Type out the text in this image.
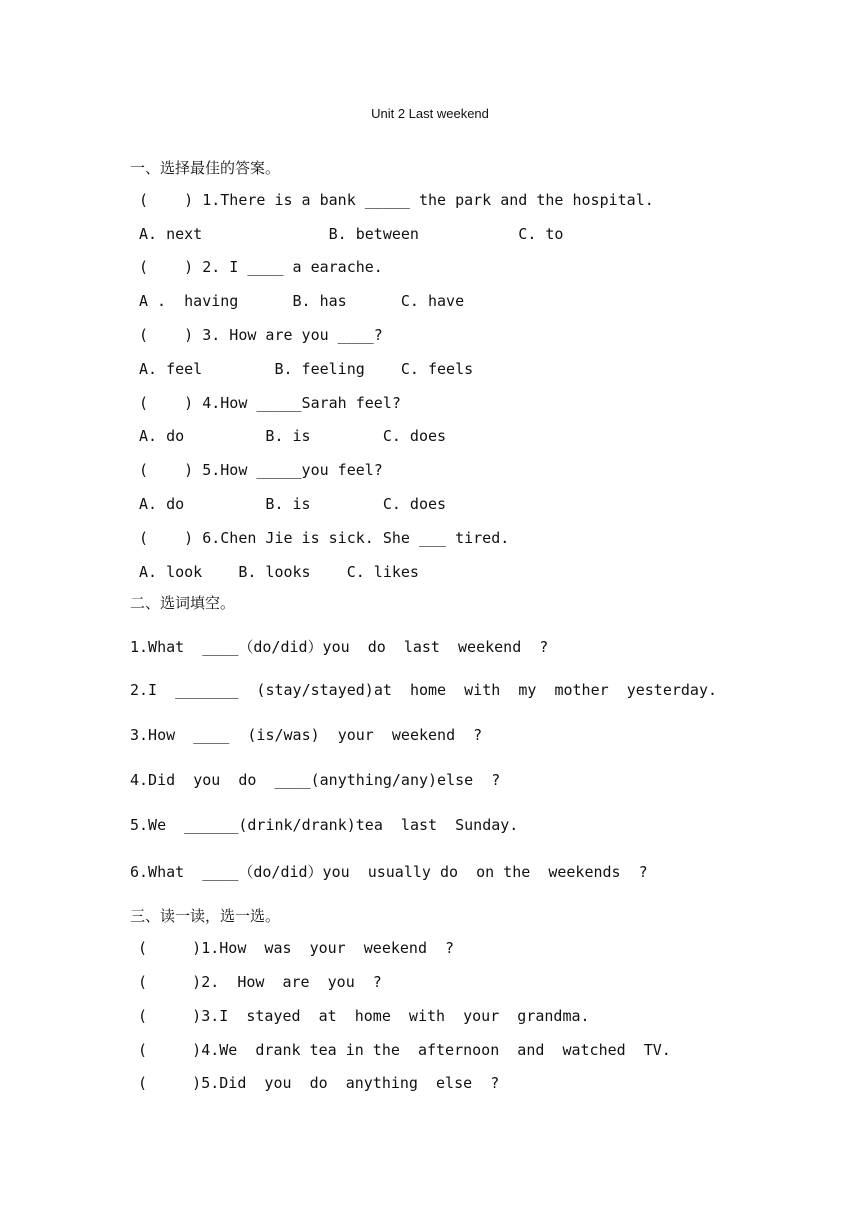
Unit 2 Last weekend
一、选择最佳的答案。
(    ) 1.There is a bank _____ the park and the hospital.
A. next              B. between           C. to
(    ) 2. I ____ a earache.
A .  having      B. has      C. have
(    ) 3. How are you ____?
A. feel        B. feeling    C. feels
(    ) 4.How _____Sarah feel?
A. do         B. is        C. does
(    ) 5.How _____you feel?
A. do         B. is        C. does
(    ) 6.Chen Jie is sick. She ___ tired.
A. look    B. looks    C. likes
二、选词填空。
1.What  ____（do/did）you  do  last  weekend  ?
2.I  _______  (stay/stayed)at  home  with  my  mother  yesterday.
3.How  ____  (is/was)  your  weekend  ?
4.Did  you  do  ____(anything/any)else  ?
5.We  ______(drink/drank)tea  last  Sunday.
6.What  ____（do/did）you  usually do  on the  weekends  ?
三、读一读，选一选。
(     )1.How  was  your  weekend  ?
(     )2.  How  are  you  ?
(     )3.I  stayed  at  home  with  your  grandma.
(     )4.We  drank tea in the  afternoon  and  watched  TV.
(     )5.Did  you  do  anything  else  ?
